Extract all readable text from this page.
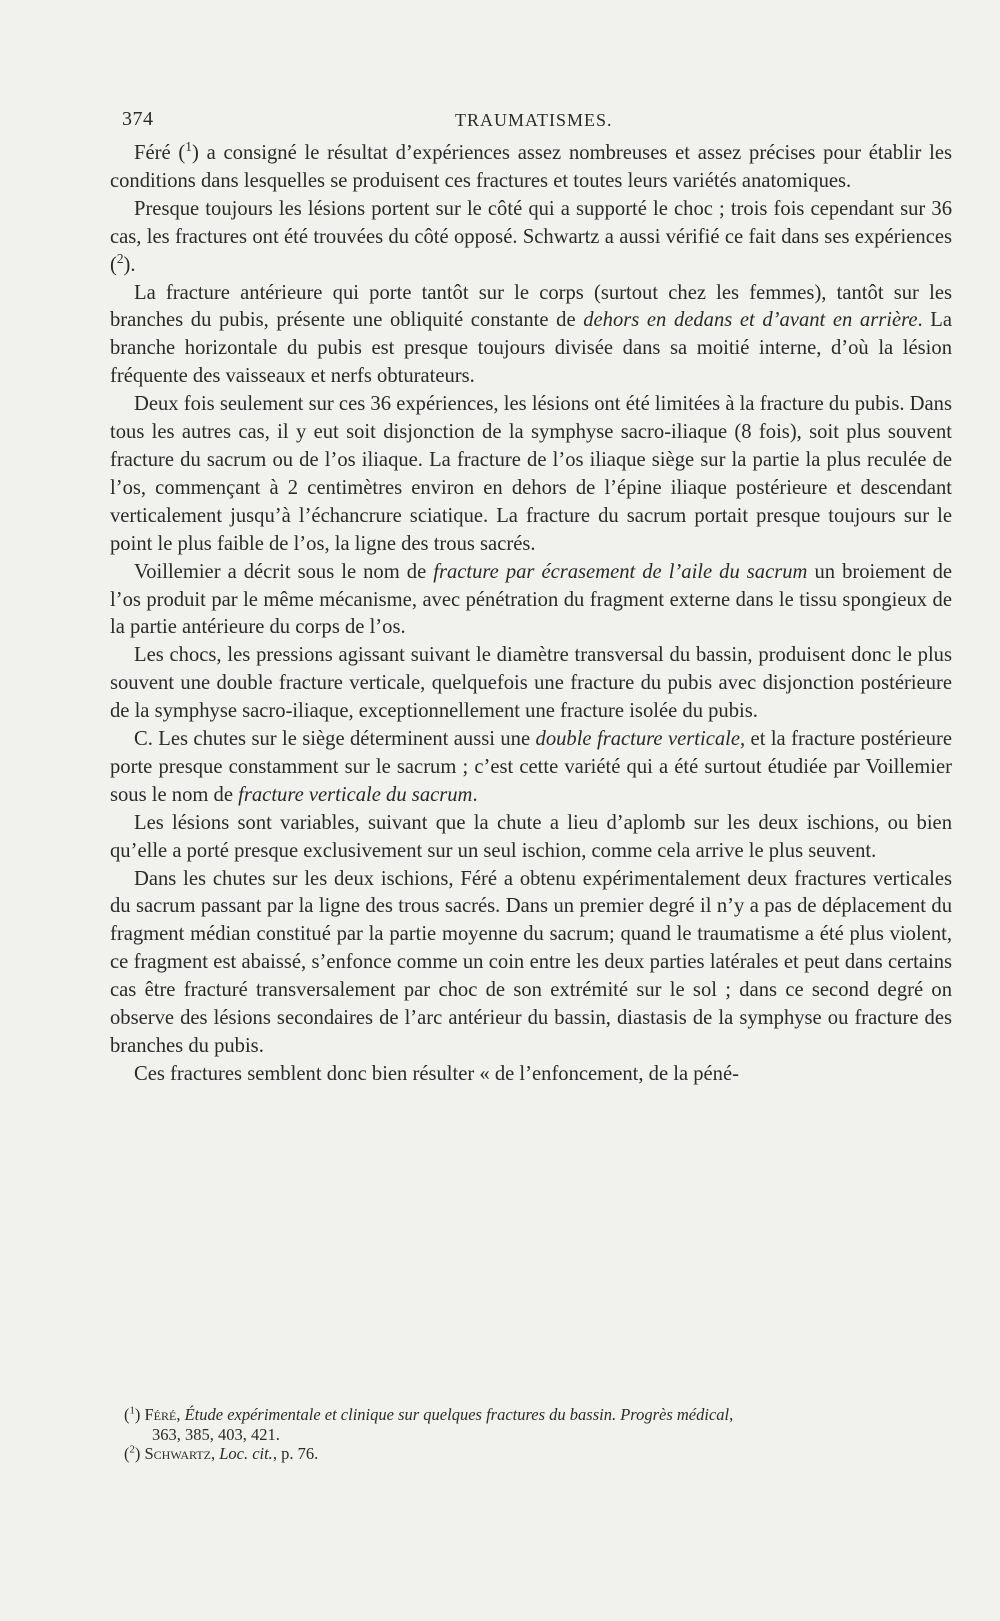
374	TRAUMATISMES.

Féré ($^1$) a consigné le résultat d’expériences assez nombreuses et assez précises pour établir les conditions dans lesquelles se produisent ces fractures et toutes leurs variétés anatomiques.

Presque toujours les lésions portent sur le côté qui a supporté le choc ; trois fois cependant sur 36 cas, les fractures ont été trouvées du côté opposé. Schwartz a aussi vérifié ce fait dans ses expériences ($^2$).

La fracture antérieure qui porte tantôt sur le corps (surtout chez les femmes), tantôt sur les branches du pubis, présente une obliquité constante de dehors en dedans et d’avant en arrière. La branche horizontale du pubis est presque toujours divisée dans sa moitié interne, d’où la lésion fréquente des vaisseaux et nerfs obturateurs.

Deux fois seulement sur ces 36 expériences, les lésions ont été limitées à la fracture du pubis. Dans tous les autres cas, il y eut soit disjonction de la symphyse sacro-iliaque (8 fois), soit plus souvent fracture du sacrum ou de l’os iliaque. La fracture de l’os iliaque siège sur la partie la plus reculée de l’os, commençant à 2 centimètres environ en dehors de l’épine iliaque postérieure et descendant verticalement jusqu’à l’échancrure sciatique. La fracture du sacrum portait presque toujours sur le point le plus faible de l’os, la ligne des trous sacrés.

Voillemier a décrit sous le nom de fracture par écrasement de l’aile du sacrum un broiement de l’os produit par le même mécanisme, avec pénétration du fragment externe dans le tissu spongieux de la partie antérieure du corps de l’os.

Les chocs, les pressions agissant suivant le diamètre transversal du bassin, produisent donc le plus souvent une double fracture verticale, quelquefois une fracture du pubis avec disjonction postérieure de la symphyse sacro-iliaque, exceptionnellement une fracture isolée du pubis.

C. Les chutes sur le siège déterminent aussi une double fracture verticale, et la fracture postérieure porte presque constamment sur le sacrum ; c’est cette variété qui a été surtout étudiée par Voillemier sous le nom de fracture verticale du sacrum.

Les lésions sont variables, suivant que la chute a lieu d’aplomb sur les deux ischions, ou bien qu’elle a porté presque exclusivement sur un seul ischion, comme cela arrive le plus seuvent.

Dans les chutes sur les deux ischions, Féré a obtenu expérimentalement deux fractures verticales du sacrum passant par la ligne des trous sacrés. Dans un premier degré il n’y a pas de déplacement du fragment médian constitué par la partie moyenne du sacrum; quand le traumatisme a été plus violent, ce fragment est abaissé, s’enfonce comme un coin entre les deux parties latérales et peut dans certains cas être fracturé transversalement par choc de son extrémité sur le sol ; dans ce second degré on observe des lésions secondaires de l’arc antérieur du bassin, diastasis de la symphyse ou fracture des branches du pubis.

Ces fractures semblent donc bien résulter « de l’enfoncement, de la péné-

($^1$) Féré, Étude expérimentale et clinique sur quelques fractures du bassin. Progrès médical,

363, 385, 403, 421.

($^2$) Schwartz, Loc. cit., p. 76.
